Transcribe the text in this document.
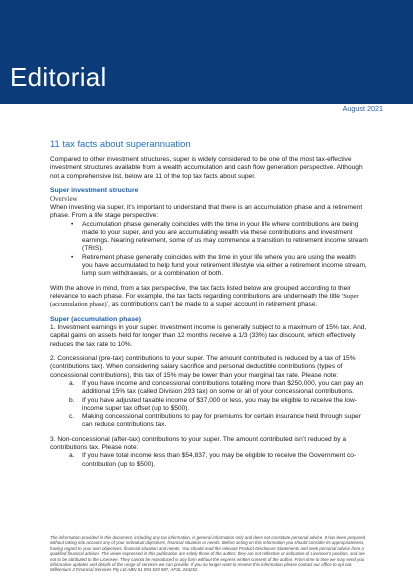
Editorial
August 2021
11 tax facts about superannuation

Compared to other investment structures, super is widely considered to be one of the most tax-effective investment structures available from a wealth accumulation and cash flow generation perspective. Although not a comprehensive list, below are 11 of the top tax facts about super.

Super investment structure
Overview

When investing via super, it’s important to understand that there is an accumulation phase and a retirement phase. From a life stage perspective:

• Accumulation phase generally coincides with the time in your life where contributions are being made to your super, and you are accumulating wealth via these contributions and investment earnings. Nearing retirement, some of us may commence a transition to retirement income stream (TRIS).
• Retirement phase generally coincides with the time in your life where you are using the wealth you have accumulated to help fund your retirement lifestyle via either a retirement income stream, lump sum withdrawals, or a combination of both.

With the above in mind, from a tax perspective, the tax facts listed below are grouped according to their relevance to each phase. For example, the tax facts regarding contributions are underneath the title ‘Super (accumulation phase)’, as contributions can’t be made to a super account in retirement phase.

Super (accumulation phase)

1. Investment earnings in your super. Investment income is generally subject to a maximum of 15% tax. And, capital gains on assets held for longer than 12 months receive a 1/3 (33%) tax discount, which effectively reduces the tax rate to 10%.

2. Concessional (pre-tax) contributions to your super. The amount contributed is reduced by a tax of 15% (contributions tax). When considering salary sacrifice and personal deductible contributions (types of concessional contributions), this tax of 15% may be lower than your marginal tax rate. Please note:

a. If you have income and concessional contributions totalling more than $250,000, you can pay an additional 15% tax (called Division 293 tax) on some or all of your concessional contributions.
b. If you have adjusted taxable income of $37,000 or less, you may be eligible to receive the low-income super tax offset (up to $500).
c. Making concessional contributions to pay for premiums for certain insurance held through super can reduce contributions tax.

3. Non-concessional (after-tax) contributions to your super. The amount contributed isn’t reduced by a contributions tax. Please note:

a. If you have total income less than $54,837, you may be eligible to receive the Government co-contribution (up to $500).
The information provided in this document, including any tax information, is general information only and does not constitute personal advice. It has been prepared without taking into account any of your individual objectives, financial situation or needs. Before acting on this information you should consider its appropriateness, having regard to your own objectives, financial situation and needs. You should read the relevant Product Disclosure Statements and seek personal advice from a qualified financial adviser. The views expressed in this publication are solely those of the author; they are not reflective or indicative of Licensee’s position, and are not to be attributed to the Licensee. They cannot be reproduced in any form without the express written consent of the author. From time to time we may send you informative updates and details of the range of services we can provide. If you no longer want to receive this information please contact our office to opt out. Millennium 3 Financial Services Pty Ltd ABN 61 094 529 987, AFSL 244252.
